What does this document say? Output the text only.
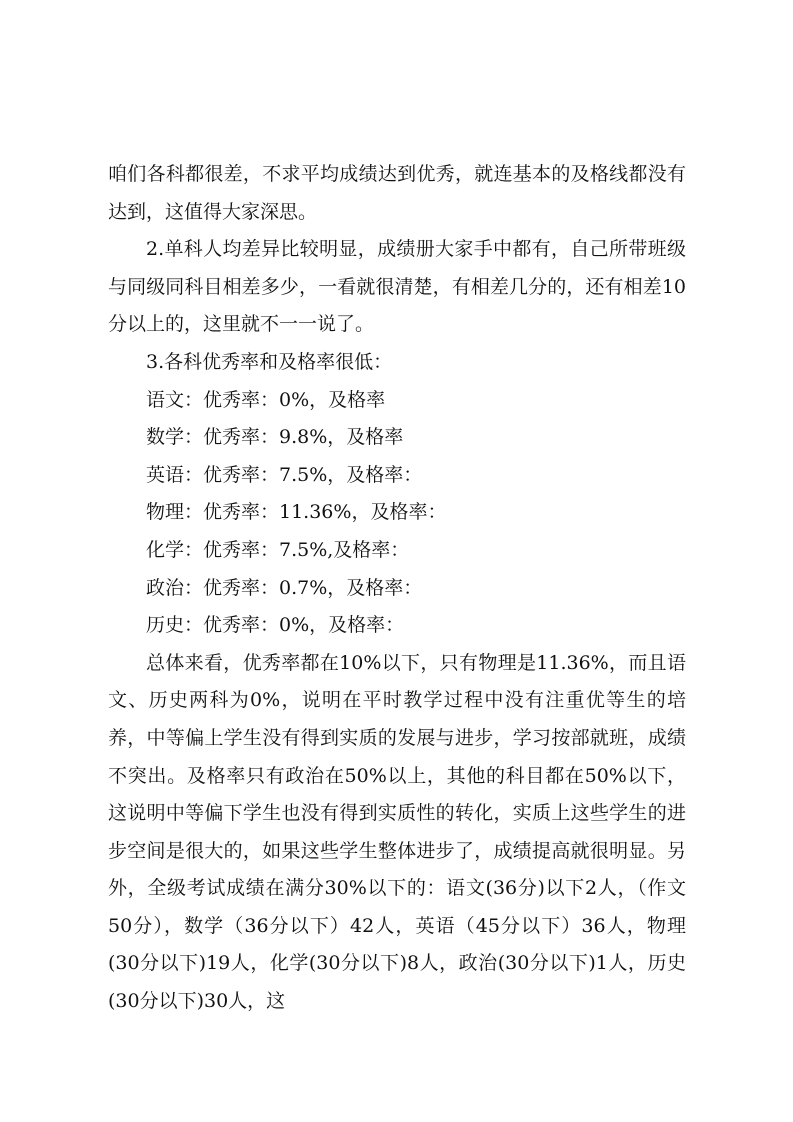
咱们各科都很差，不求平均成绩达到优秀，就连基本的及格线都没有达到，这值得大家深思。

2.单科人均差异比较明显，成绩册大家手中都有，自己所带班级与同级同科目相差多少，一看就很清楚，有相差几分的，还有相差10分以上的，这里就不一一说了。

3.各科优秀率和及格率很低：

语文：优秀率：0%，及格率

数学：优秀率：9.8%，及格率

英语：优秀率：7.5%，及格率：

物理：优秀率：11.36%，及格率：

化学：优秀率：7.5%,及格率：

政治：优秀率：0.7%，及格率：

历史：优秀率：0%，及格率：

总体来看，优秀率都在10%以下，只有物理是11.36%，而且语文、历史两科为0%，说明在平时教学过程中没有注重优等生的培养，中等偏上学生没有得到实质的发展与进步，学习按部就班，成绩不突出。及格率只有政治在50%以上，其他的科目都在50%以下，这说明中等偏下学生也没有得到实质性的转化，实质上这些学生的进步空间是很大的，如果这些学生整体进步了，成绩提高就很明显。另外，全级考试成绩在满分30%以下的：语文(36分)以下2人，（作文50分），数学（36分以下）42人，英语（45分以下）36人，物理(30分以下)19人，化学(30分以下)8人，政治(30分以下)1人，历史(30分以下)30人，这
